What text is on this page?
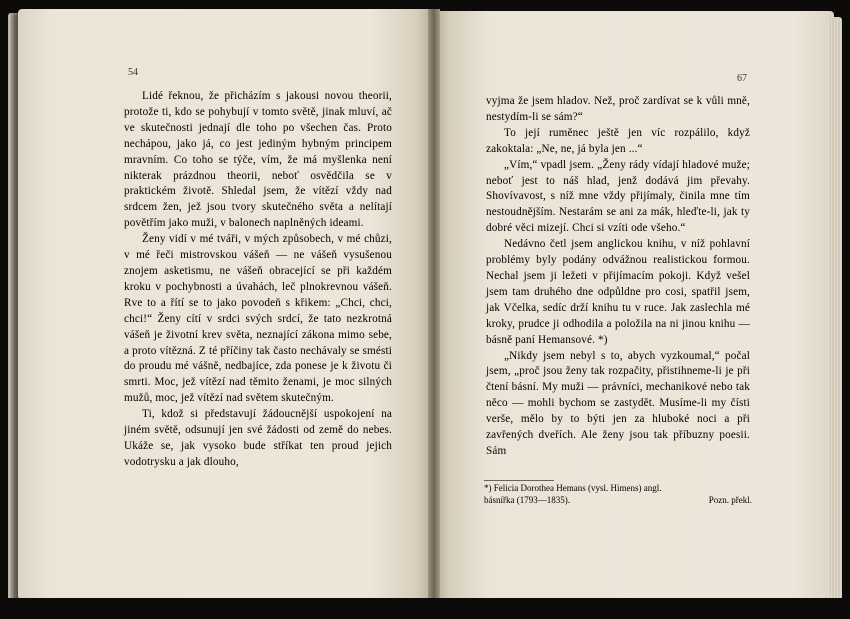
54
67

Lidé řeknou, že přicházím s jakousi novou theorii, protože ti, kdo se pohybují v tomto světě, jinak mluví, ač ve skutečnosti jednají dle toho po všechen čas. Proto nechápou, jako já, co jest jediným hybným principem mravním. Co toho se týče, vím, že má myšlenka není nikterak prázdnou theorii, neboť osvědčila se v praktickém životě. Shledal jsem, že vítězí vždy nad srdcem žen, jež jsou tvory skutečného světa a nelítají povětřím jako muži, v balonech naplněných ideami.

Ženy vidí v mé tváři, v mých způsobech, v mé chůzi, v mé řeči mistrovskou vášeň — ne vášeň vysušenou znojem asketismu, ne vášeň obracející se při každém kroku v pochybnosti a úvahách, leč plnokrevnou vášeň. Rve to a řítí se to jako povodeň s křikem: „Chci, chci, chci!“ Ženy cítí v srdci svých srdcí, že tato nezkrotná vášeň je životní krev světa, neznající zákona mimo sebe, a proto vítězná. Z té příčiny tak často nechávaly se smésti do proudu mé vášně, nedbajíce, zda ponese je k životu či smrti. Moc, jež vítězí nad těmito ženami, je moc silných mužů, moc, jež vítězí nad světem skutečným.

Ti, kdož si představují žádoucnější uspokojení na jiném světě, odsunují jen své žádosti od země do nebes. Ukáže se, jak vysoko bude stříkat ten proud jejich vodotrysku a jak dlouho,

vyjma že jsem hladov. Než, proč zardívat se k vůli mně, nestydím-li se sám?“

To její ruměnec ještě jen víc rozpálilo, když zakoktala: „Ne, ne, já byla jen ...“

„Vím,“ vpadl jsem. „Ženy rády vídají hladové muže; neboť jest to náš hlad, jenž dodává jim převahy. Shovívavost, s níž mne vždy přijímaly, činila mne tím nestoudnějším. Nestarám se ani za mák, hleďte-li, jak ty dobré věci mizejí. Chci si vzíti ode všeho.“

Nedávno četl jsem anglickou knihu, v níž pohlavní problémy byly podány odvážnou realistickou formou. Nechal jsem ji ležeti v přijímacím pokoji. Když vešel jsem tam druhého dne odpůldne pro cosi, spatřil jsem, jak Včelka, sedíc drží knihu tu v ruce. Jak zaslechla mé kroky, prudce ji odhodila a položila na ni jinou knihu — básně paní Hemansové. *)

„Nikdy jsem nebyl s to, abych vyzkoumal,“ počal jsem, „proč jsou ženy tak rozpačity, přistihneme-li je při čtení básní. My muži — právníci, mechanikové nebo tak něco — mohli bychom se zastydět. Musíme-li my čísti verše, mělo by to býti jen za hluboké noci a při zavřených dveřích. Ale ženy jsou tak příbuzny poesii. Sám

*) Felicia Dorothea Hemans (vysl. Himens) angl.
básnířka (1793—1835).	Pozn. překl.
